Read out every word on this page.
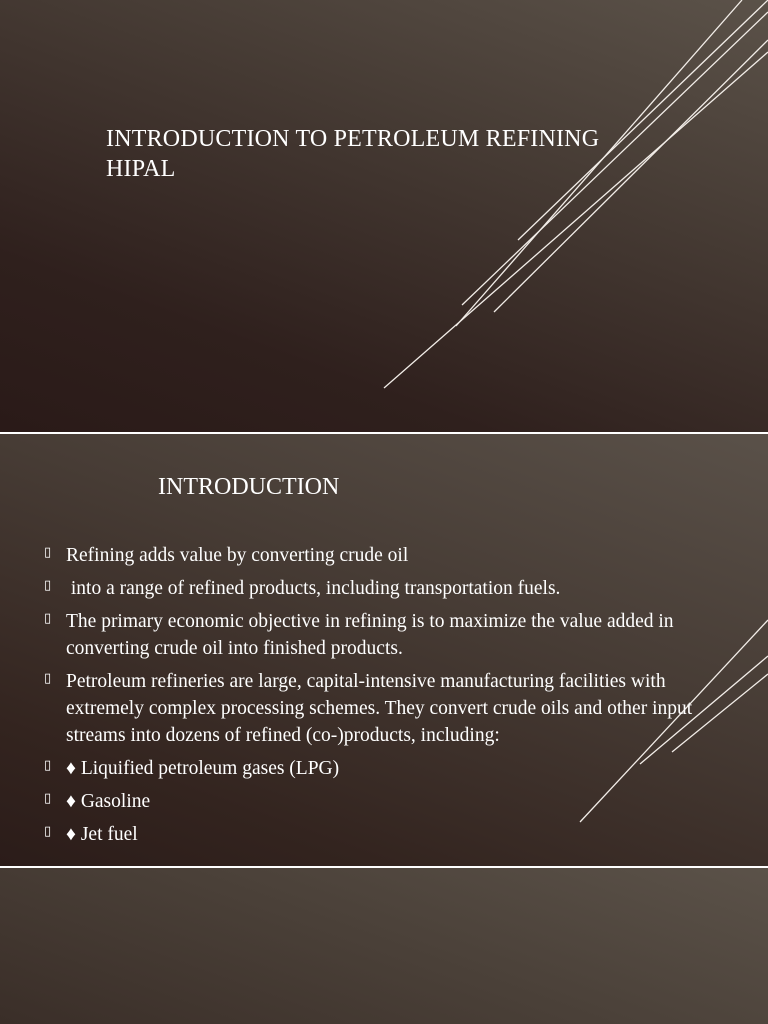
INTRODUCTION TO PETROLEUM REFINING
HIPAL
INTRODUCTION
▯ Refining adds value by converting crude oil
▯ into a range of refined products, including transportation fuels.
▯ The primary economic objective in refining is to maximize the value added in converting crude oil into finished products.
▯ Petroleum refineries are large, capital-intensive manufacturing facilities with extremely complex processing schemes. They convert crude oils and other input streams into dozens of refined (co-)products, including:
▯ ♦ Liquified petroleum gases (LPG)
▯ ♦ Gasoline
▯ ♦ Jet fuel
